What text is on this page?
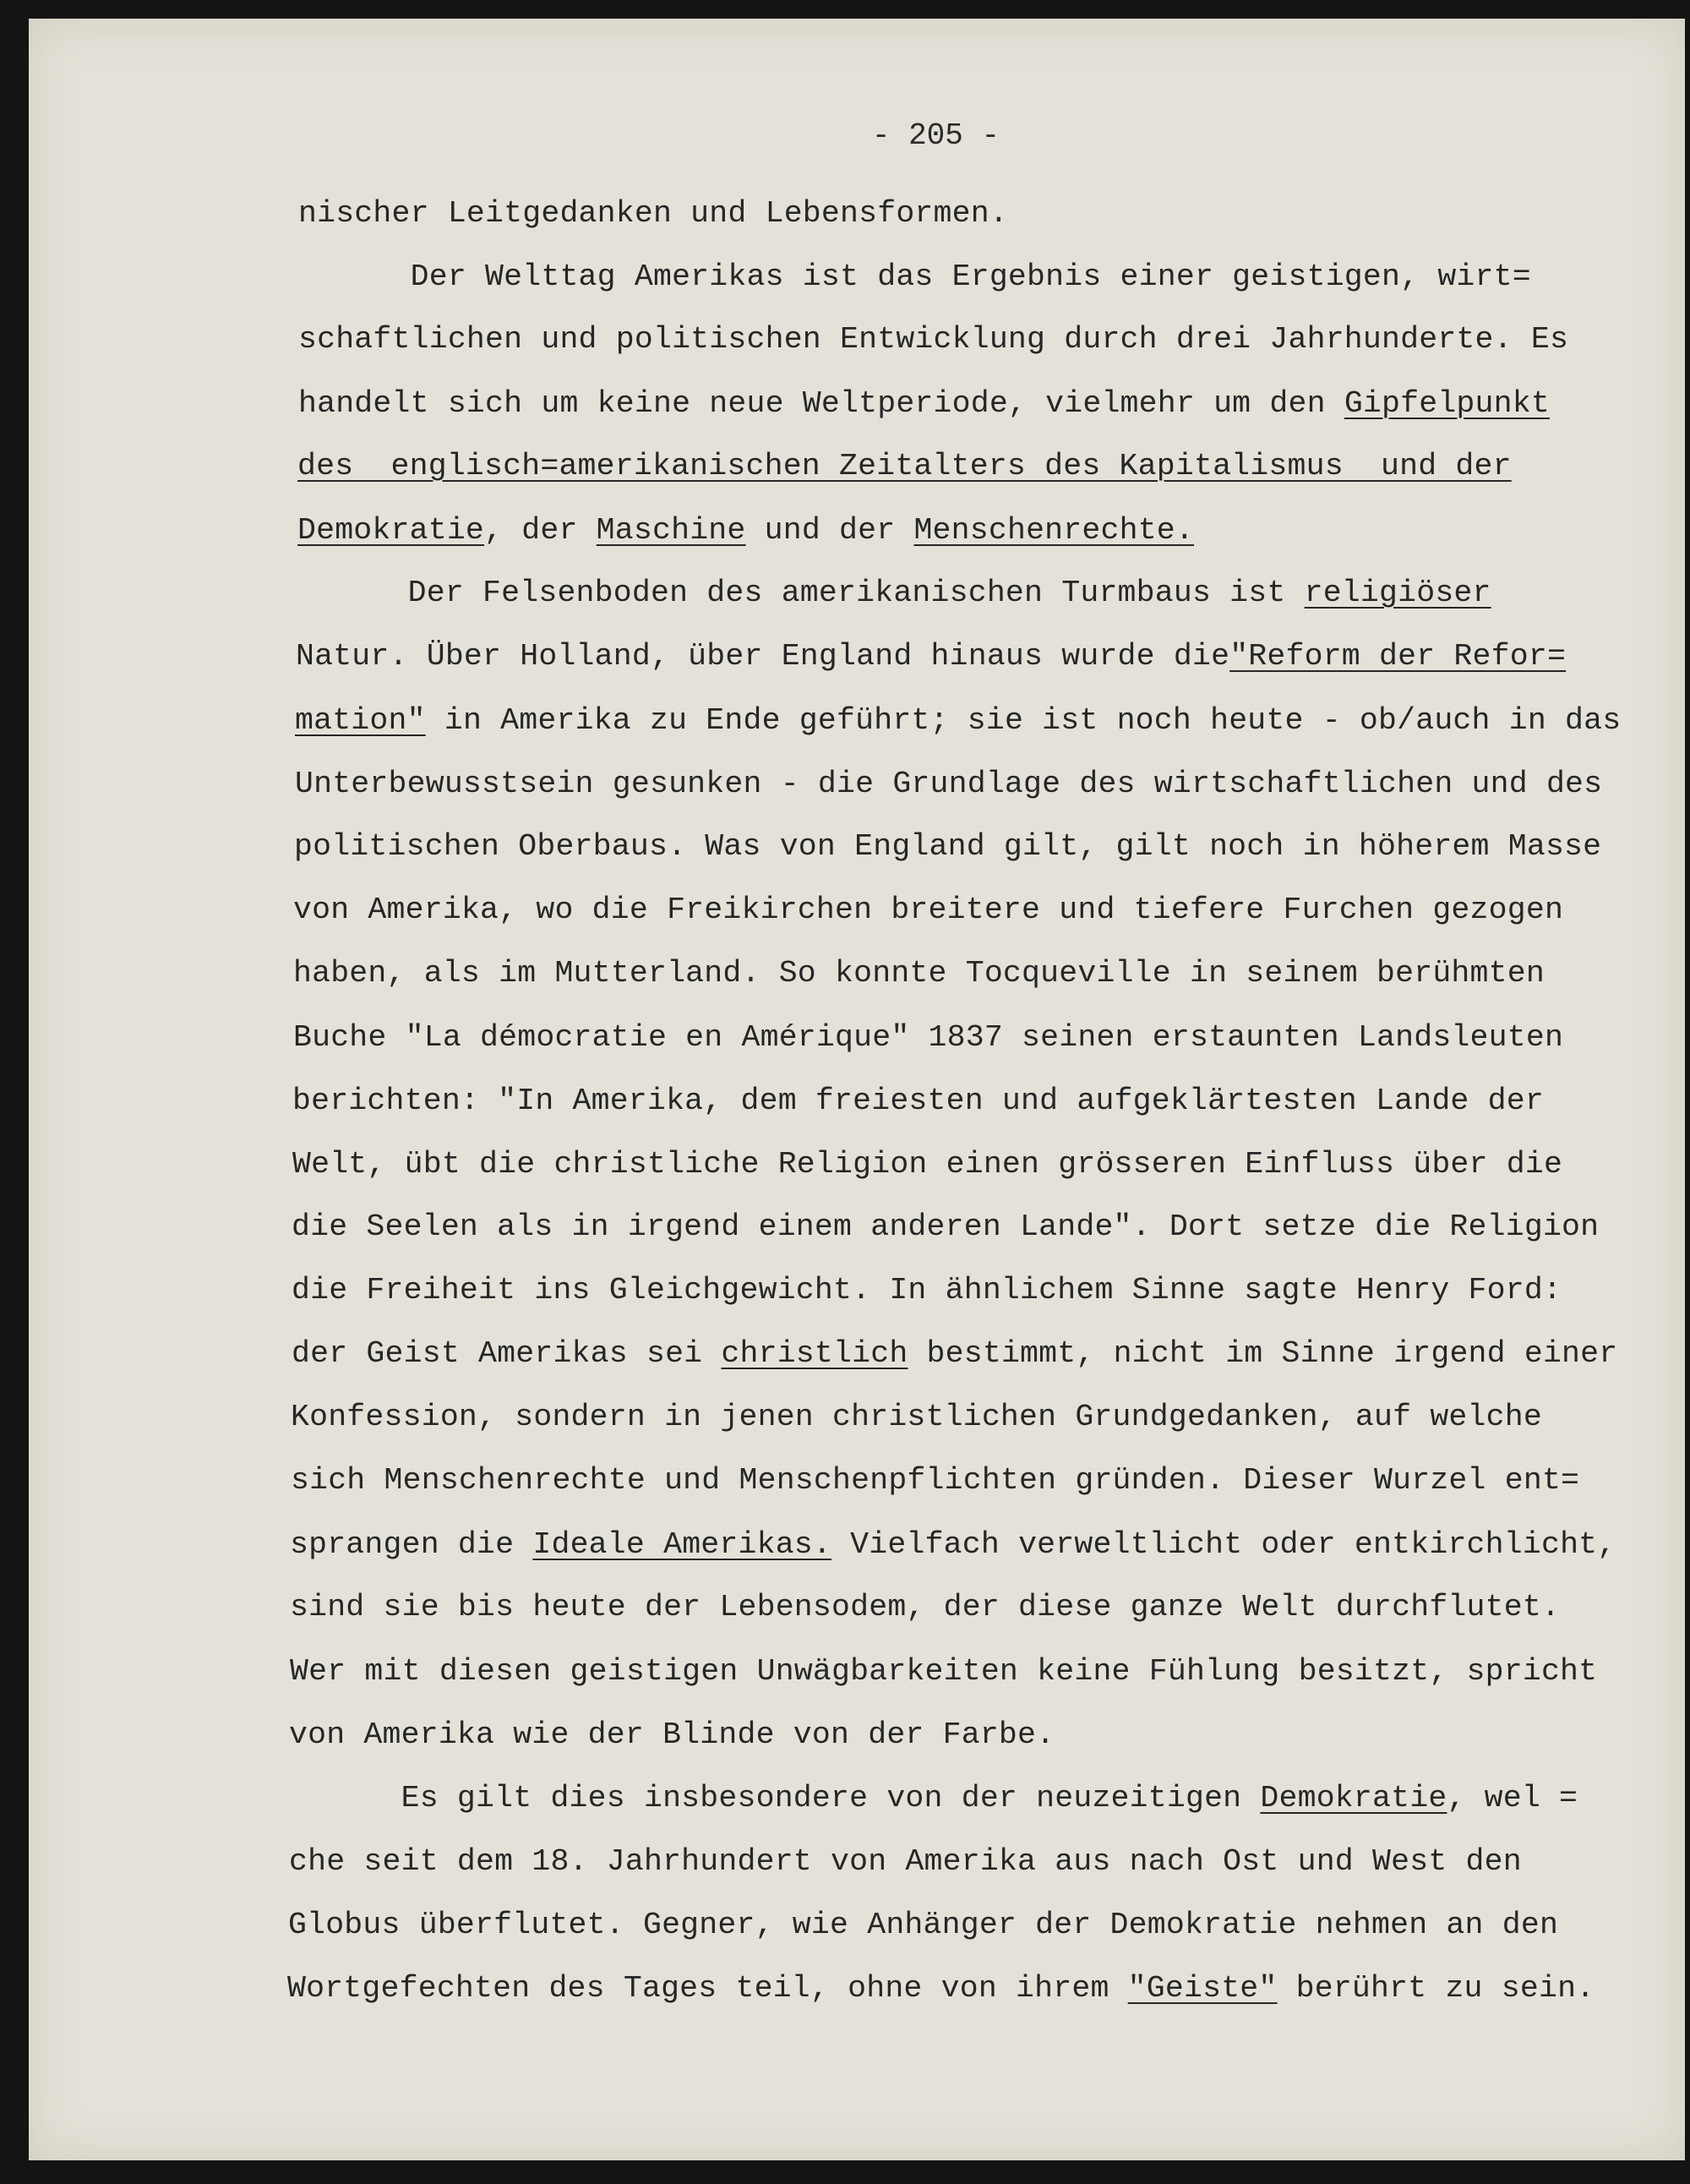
- 205 -
nischer Leitgedanken und Lebensformen.
Der Welttag Amerikas ist das Ergebnis einer geistigen, wirt=
schaftlichen und politischen Entwicklung durch drei Jahrhunderte. Es
handelt sich um keine neue Weltperiode, vielmehr um den Gipfelpunkt
des  englisch=amerikanischen Zeitalters des Kapitalismus  und der
Demokratie, der Maschine und der Menschenrechte.
Der Felsenboden des amerikanischen Turmbaus ist religiöser
Natur. Über Holland, über England hinaus wurde die"Reform der Refor=
mation" in Amerika zu Ende geführt; sie ist noch heute - ob/auch in das
Unterbewusstsein gesunken - die Grundlage des wirtschaftlichen und des
politischen Oberbaus. Was von England gilt, gilt noch in höherem Masse
von Amerika, wo die Freikirchen breitere und tiefere Furchen gezogen
haben, als im Mutterland. So konnte Tocqueville in seinem berühmten
Buche "La démocratie en Amérique" 1837 seinen erstaunten Landsleuten
berichten: "In Amerika, dem freiesten und aufgeklärtesten Lande der
Welt, übt die christliche Religion einen grösseren Einfluss über die
die Seelen als in irgend einem anderen Lande". Dort setze die Religion
die Freiheit ins Gleichgewicht. In ähnlichem Sinne sagte Henry Ford:
der Geist Amerikas sei christlich bestimmt, nicht im Sinne irgend einer
Konfession, sondern in jenen christlichen Grundgedanken, auf welche
sich Menschenrechte und Menschenpflichten gründen. Dieser Wurzel ent=
sprangen die Ideale Amerikas. Vielfach verweltlicht oder entkirchlicht,
sind sie bis heute der Lebensodem, der diese ganze Welt durchflutet.
Wer mit diesen geistigen Unwägbarkeiten keine Fühlung besitzt, spricht
von Amerika wie der Blinde von der Farbe.
Es gilt dies insbesondere von der neuzeitigen Demokratie, wel =
che seit dem 18. Jahrhundert von Amerika aus nach Ost und West den
Globus überflutet. Gegner, wie Anhänger der Demokratie nehmen an den
Wortgefechten des Tages teil, ohne von ihrem "Geiste" berührt zu sein.
